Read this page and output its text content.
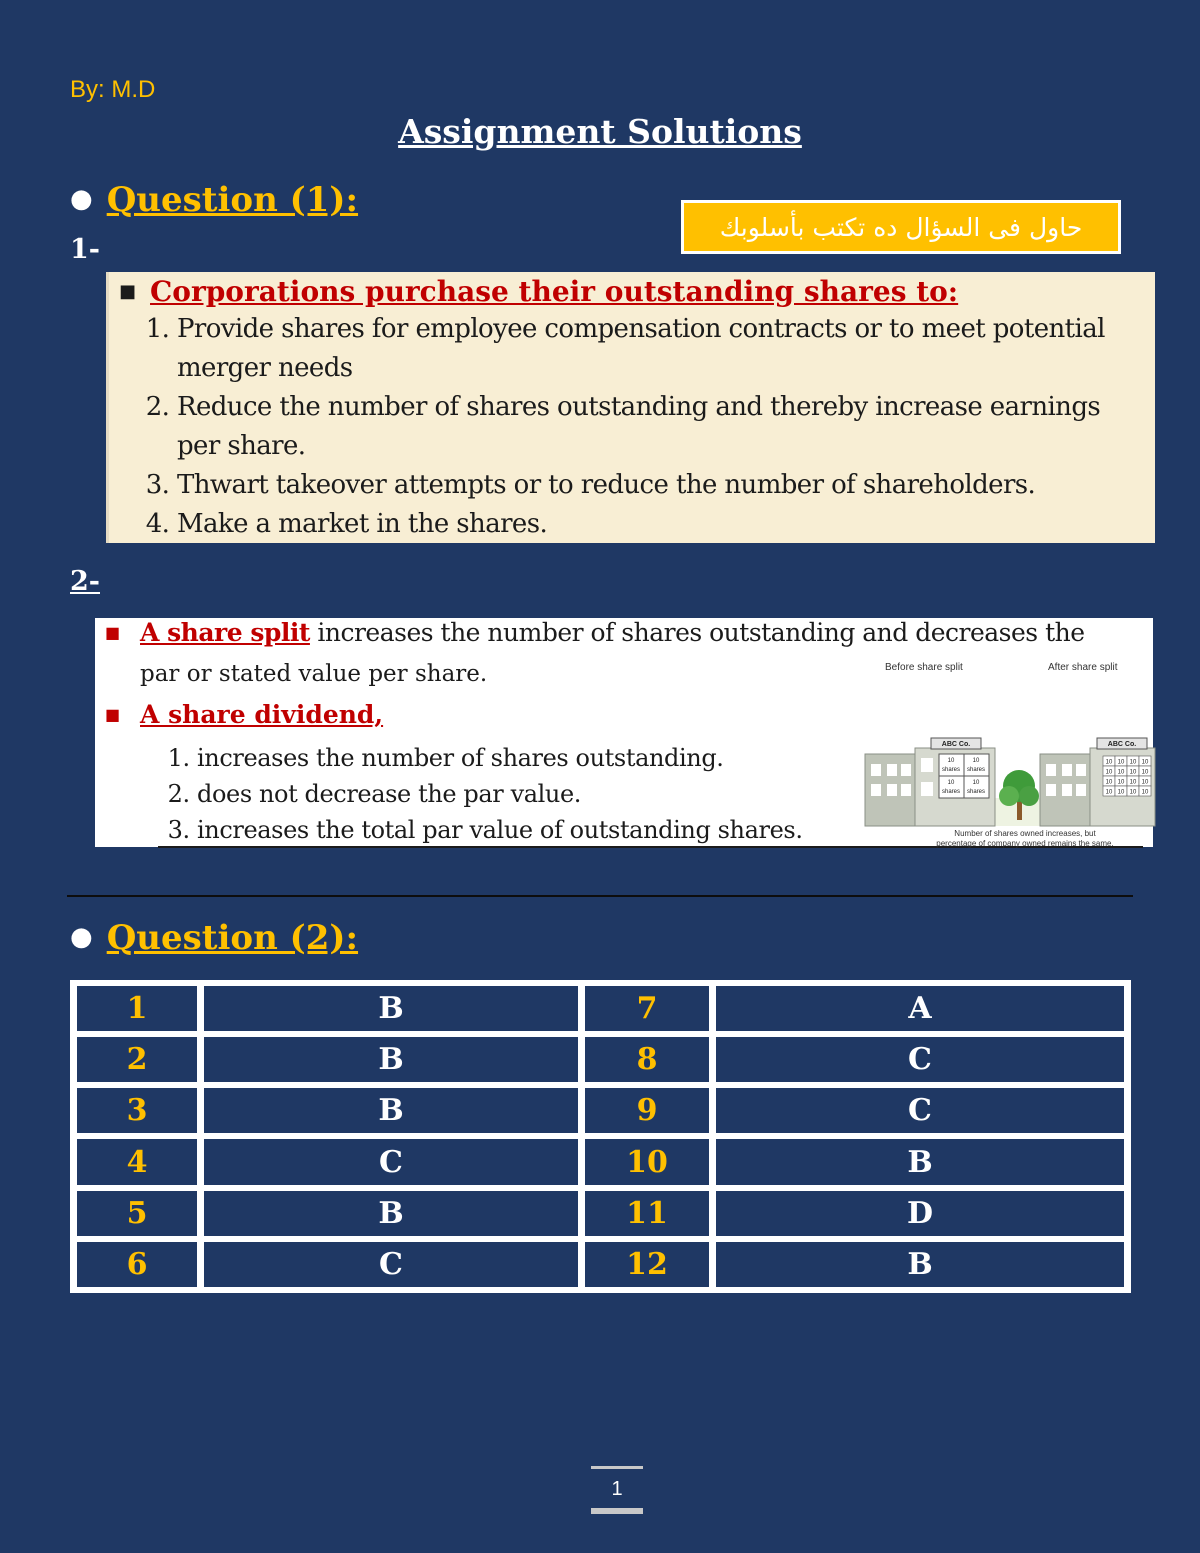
By: M.D
Assignment Solutions
● Question (1):
حاول فى السؤال ده تكتب بأسلوبك
1-
■ Corporations purchase their outstanding shares to:
1. Provide shares for employee compensation contracts or to meet potential merger needs
2. Reduce the number of shares outstanding and thereby increase earnings per share.
3. Thwart takeover attempts or to reduce the number of shareholders.
4. Make a market in the shares.
2-
■ A share split increases the number of shares outstanding and decreases the
par or stated value per share.
■ A share dividend,
1. increases the number of shares outstanding.
2. does not decrease the par value.
3. increases the total par value of outstanding shares.
Before share split	After share split
ABC Co.
10	10
shares shares
10	10
shares shares
ABC Co.
10 10 10 10
10 10 10 10
10 10 10 10
10 10 10 10
Number of shares owned increases, but
percentage of company owned remains the same.
● Question (2):
1	B	7	A
2	B	8	C
3	B	9	C
4	C	10	B
5	B	11	D
6	C	12	B
1
